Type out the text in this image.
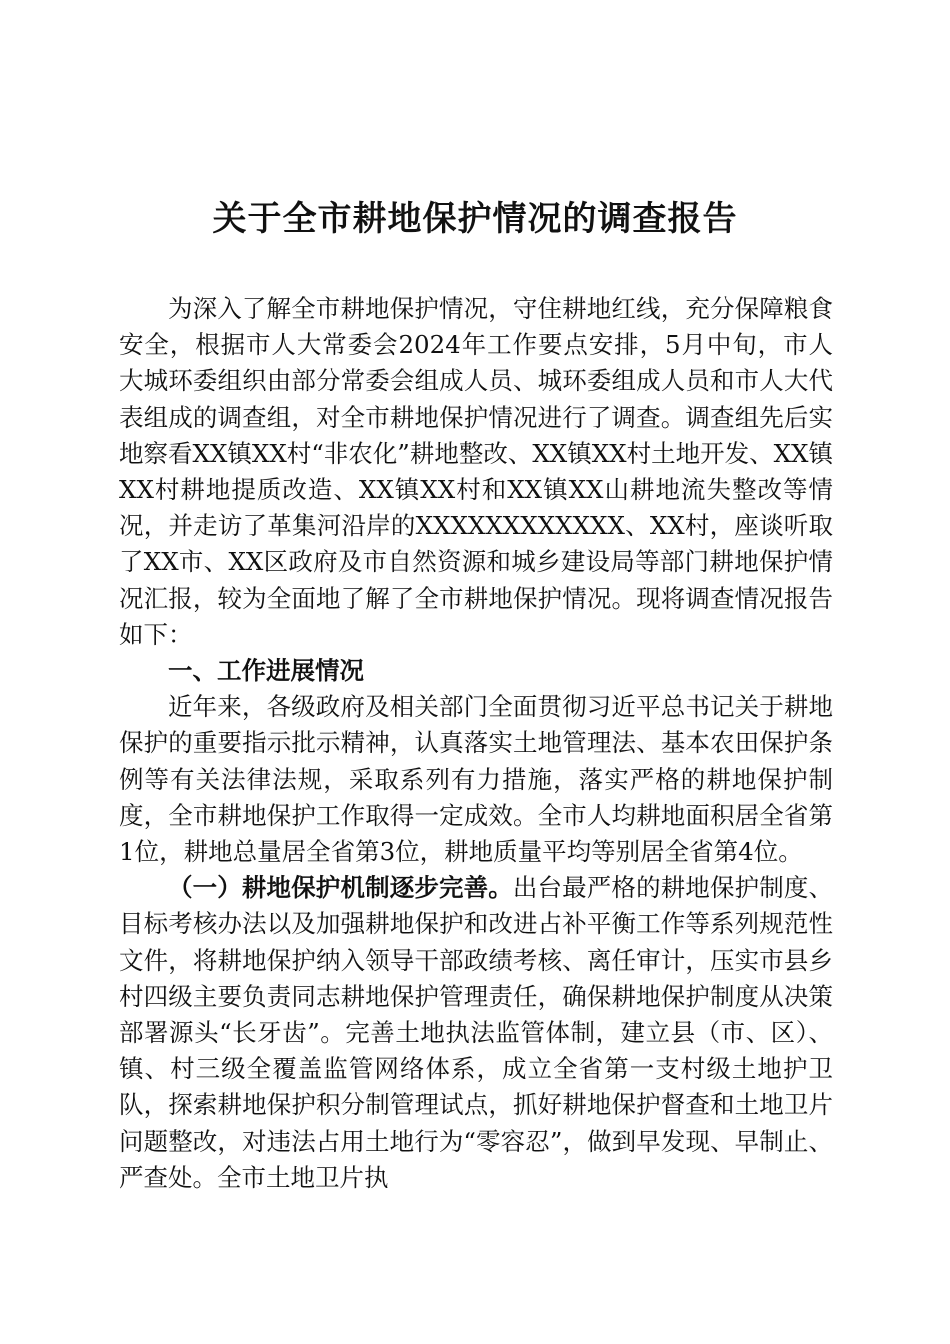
关于全市耕地保护情况的调查报告

为深入了解全市耕地保护情况，守住耕地红线，充分保障粮食安全，根据市人大常委会2024年工作要点安排，5月中旬，市人大城环委组织由部分常委会组成人员、城环委组成人员和市人大代表组成的调查组，对全市耕地保护情况进行了调查。调查组先后实地察看XX镇XX村“非农化”耕地整改、XX镇XX村土地开发、XX镇XX村耕地提质改造、XX镇XX村和XX镇XX山耕地流失整改等情况，并走访了革集河沿岸的XXXXXXXXXXXX、XX村，座谈听取了XX市、XX区政府及市自然资源和城乡建设局等部门耕地保护情况汇报，较为全面地了解了全市耕地保护情况。现将调查情况报告如下：

一、工作进展情况

近年来，各级政府及相关部门全面贯彻习近平总书记关于耕地保护的重要指示批示精神，认真落实土地管理法、基本农田保护条例等有关法律法规，采取系列有力措施，落实严格的耕地保护制度，全市耕地保护工作取得一定成效。全市人均耕地面积居全省第1位，耕地总量居全省第3位，耕地质量平均等别居全省第4位。

（一）耕地保护机制逐步完善。出台最严格的耕地保护制度、目标考核办法以及加强耕地保护和改进占补平衡工作等系列规范性文件，将耕地保护纳入领导干部政绩考核、离任审计，压实市县乡村四级主要负责同志耕地保护管理责任，确保耕地保护制度从决策部署源头“长牙齿”。完善土地执法监管体制，建立县（市、区）、镇、村三级全覆盖监管网络体系，成立全省第一支村级土地护卫队，探索耕地保护积分制管理试点，抓好耕地保护督查和土地卫片问题整改，对违法占用土地行为“零容忍”，做到早发现、早制止、严查处。全市土地卫片执
